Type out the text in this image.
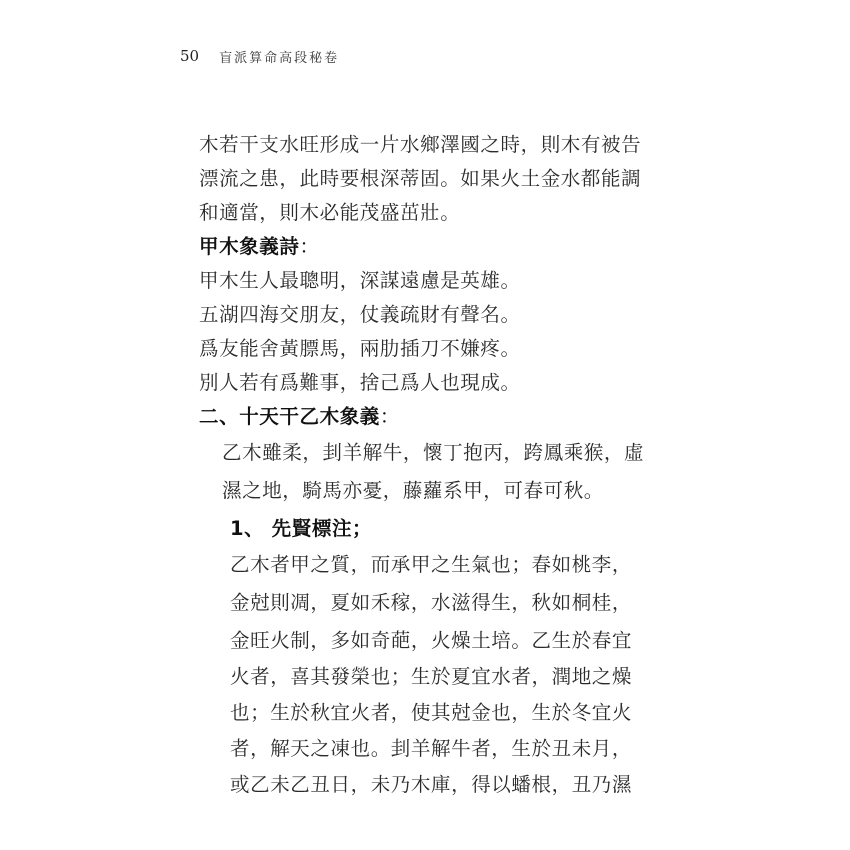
50 盲派算命高段秘卷
木若干支水旺形成一片水鄉澤國之時，則木有被告
漂流之患，此時要根深蒂固。如果火土金水都能調
和適當，則木必能茂盛茁壯。
甲木象義詩：
甲木生人最聰明，深謀遠慮是英雄。
五湖四海交朋友，仗義疏財有聲名。
爲友能舍黃膘馬，兩肋插刀不嫌疼。
別人若有爲難事，捨己爲人也現成。
二、十天干乙木象義：
乙木雖柔，刲羊解牛，懷丁抱丙，跨鳳乘猴，虛
濕之地，騎馬亦憂，藤蘿系甲，可春可秋。
1、 先賢標注；
乙木者甲之質，而承甲之生氣也；春如桃李，
金尅則凋，夏如禾稼，水滋得生，秋如桐桂，
金旺火制，多如奇葩，火燥土培。乙生於春宜
火者，喜其發榮也；生於夏宜水者，潤地之燥
也；生於秋宜火者，使其尅金也，生於冬宜火
者，解天之凍也。刲羊解牛者，生於丑未月，
或乙未乙丑日，未乃木庫，得以蟠根，丑乃濕
